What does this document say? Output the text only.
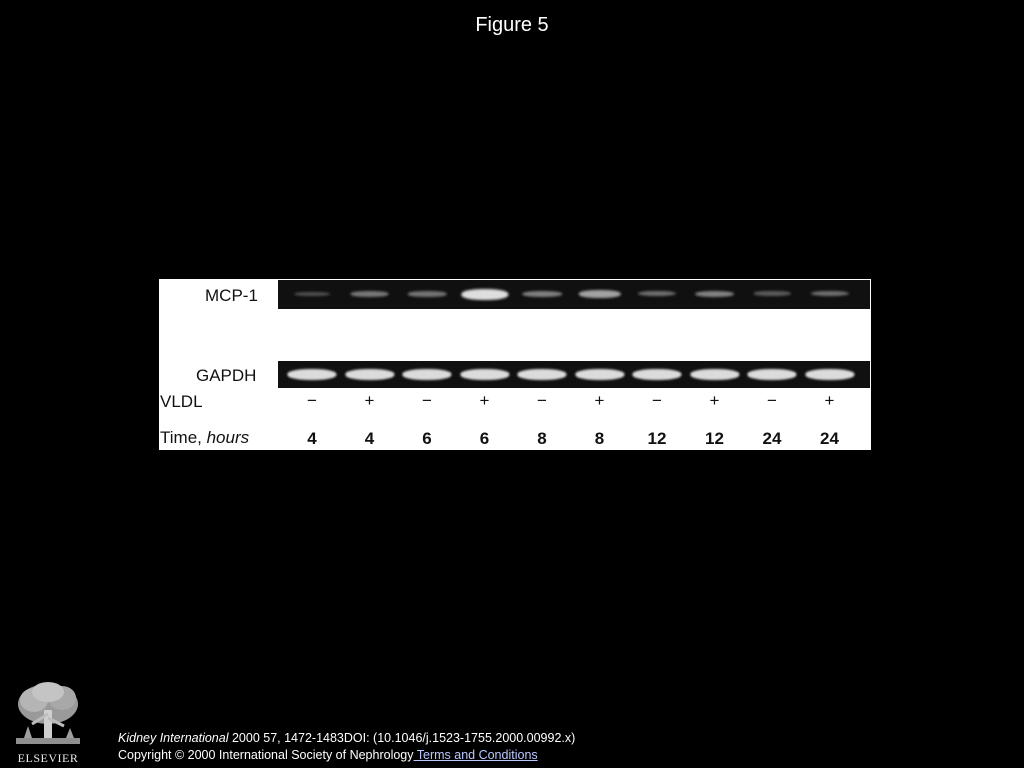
Figure 5
MCP-1
GAPDH
VLDL
Time, hours
−
4
+
4
−
6
+
6
−
8
+
8
−
12
+
12
−
24
+
24
ELSEVIER
Kidney International 2000 57, 1472-1483DOI: (10.1046/j.1523-1755.2000.00992.x)
Copyright © 2000 International Society of Nephrology Terms and Conditions
